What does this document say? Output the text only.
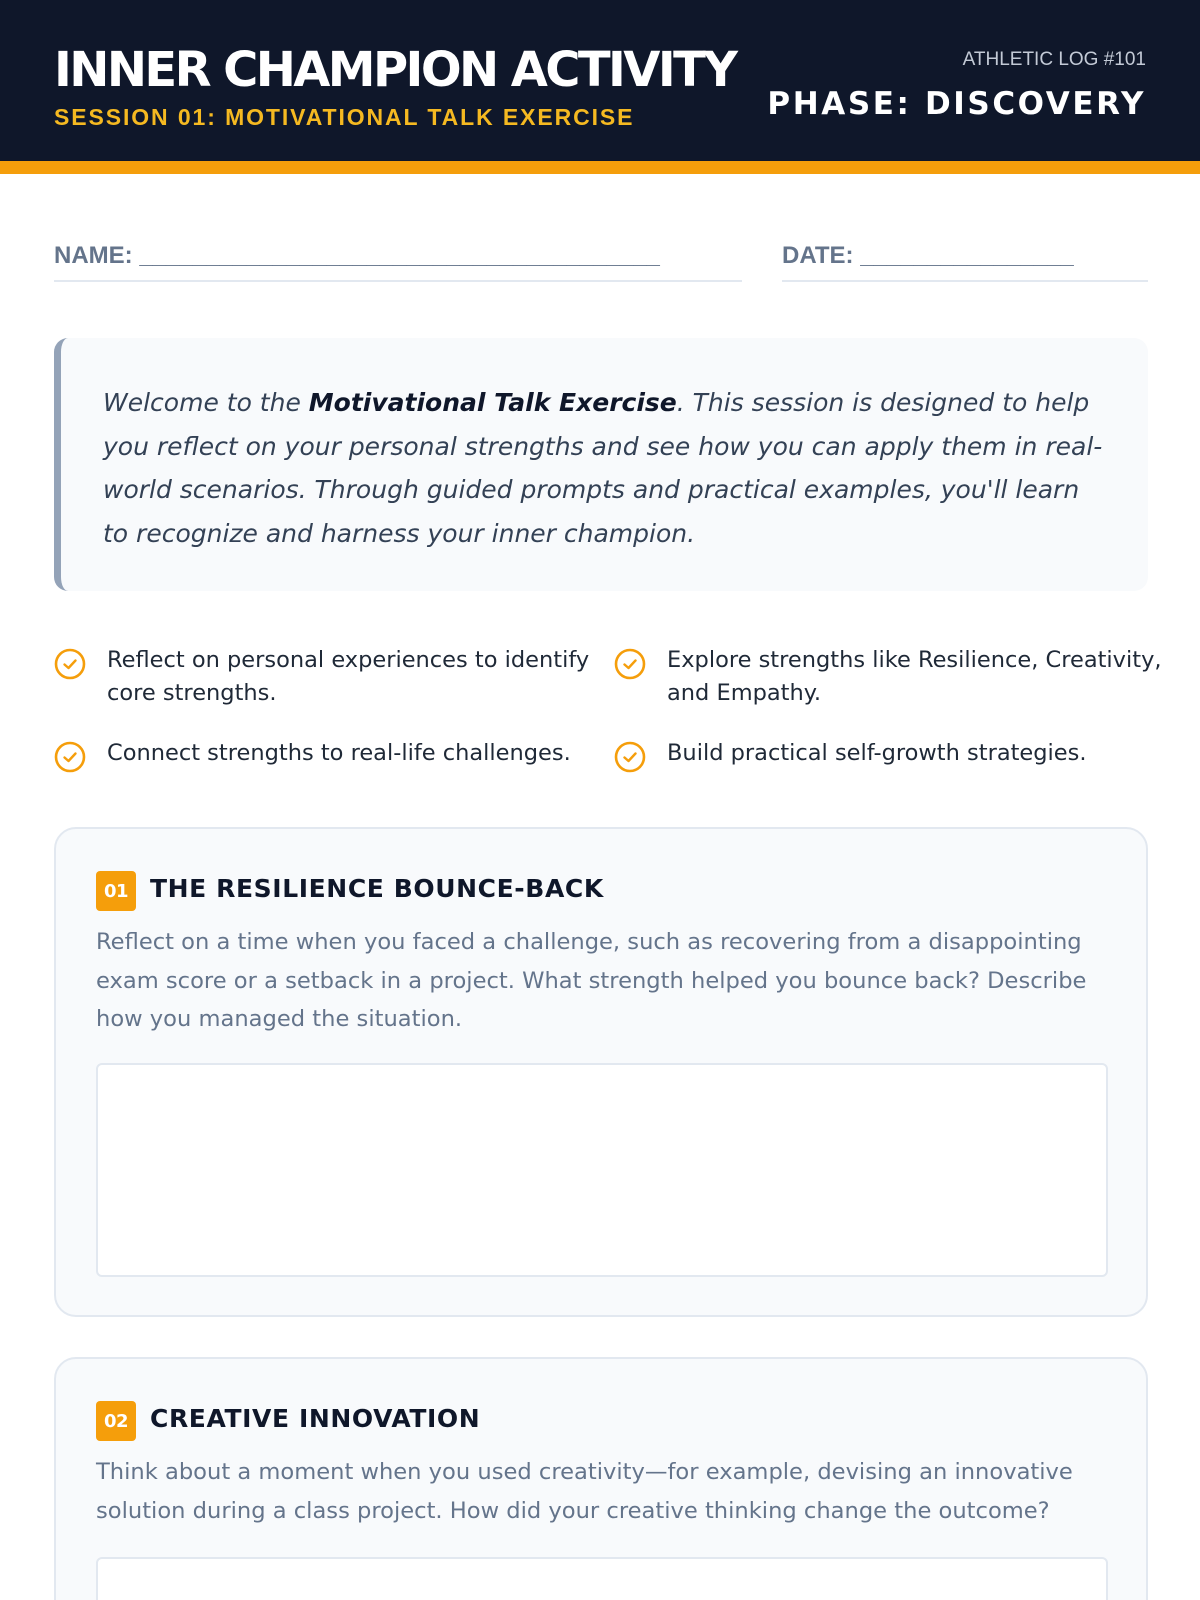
INNER CHAMPION ACTIVITY
SESSION 01: MOTIVATIONAL TALK EXERCISE
ATHLETIC LOG #101
PHASE: DISCOVERY
NAME: _______________________________________	DATE: ________________
Welcome to the Motivational Talk Exercise. This session is designed to help you reflect on your personal strengths and see how you can apply them in real-world scenarios. Through guided prompts and practical examples, you'll learn to recognize and harness your inner champion.
Reflect on personal experiences to identify core strengths.
Explore strengths like Resilience, Creativity, and Empathy.
Connect strengths to real-life challenges.	Build practical self-growth strategies.
01 THE RESILIENCE BOUNCE-BACK
Reflect on a time when you faced a challenge, such as recovering from a disappointing exam score or a setback in a project. What strength helped you bounce back? Describe how you managed the situation.
02 CREATIVE INNOVATION
Think about a moment when you used creativity—for example, devising an innovative solution during a class project. How did your creative thinking change the outcome?
